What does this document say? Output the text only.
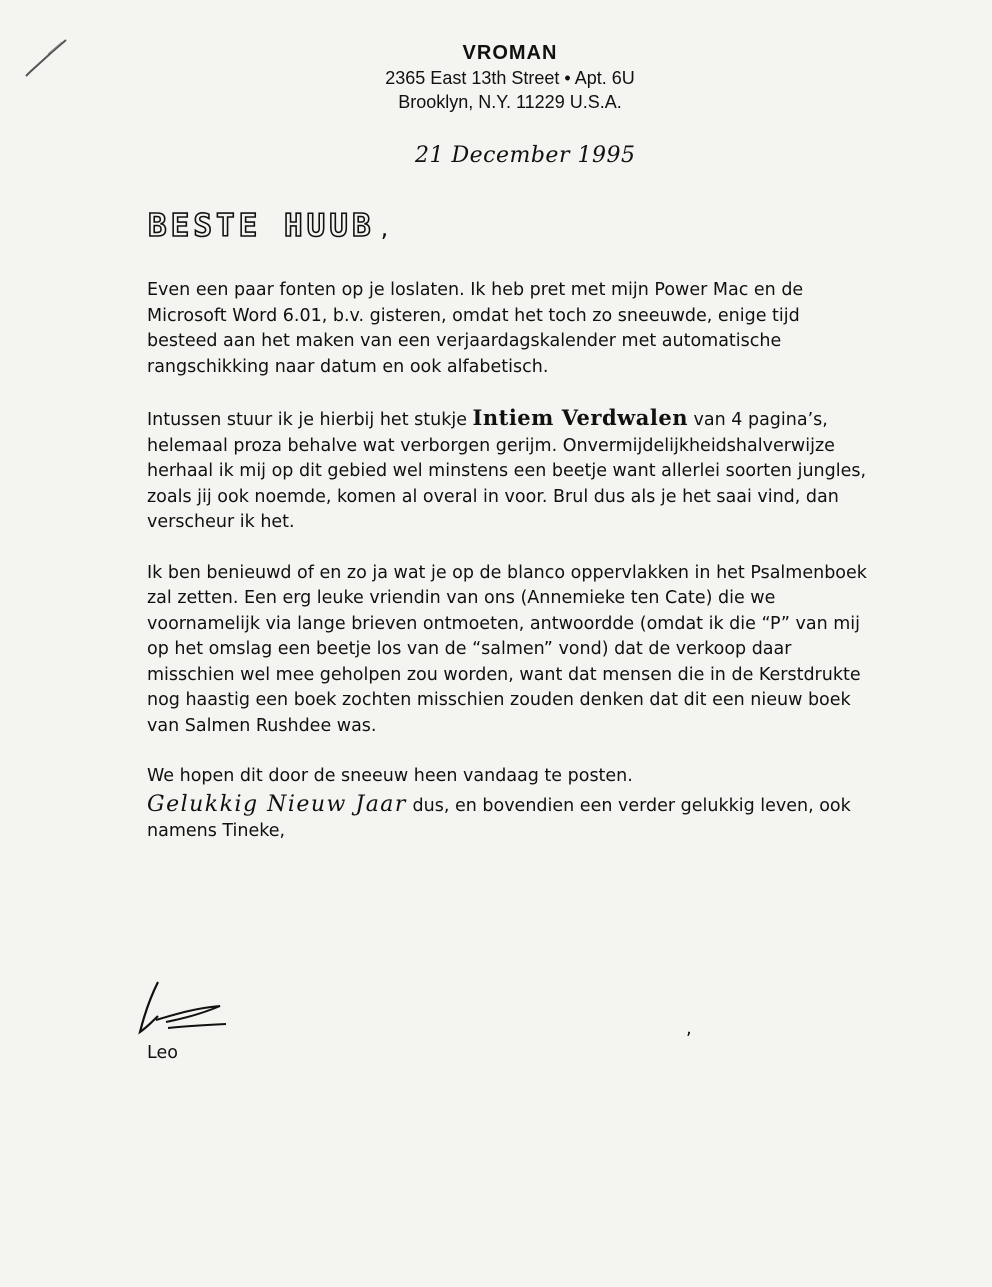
VROMAN
2365 East 13th Street • Apt. 6U
Brooklyn, N.Y. 11229 U.S.A.
21 December 1995
BESTE HUUB ,

Even een paar fonten op je loslaten. Ik heb pret met mijn Power Mac en de Microsoft Word 6.01, b.v. gisteren, omdat het toch zo sneeuwde, enige tijd besteed aan het maken van een verjaardagskalender met automatische rangschikking naar datum en ook alfabetisch.

Intussen stuur ik je hierbij het stukje Intiem Verdwalen van 4 pagina’s, helemaal proza behalve wat verborgen gerijm. Onvermijdelijkheidshalverwijze herhaal ik mij op dit gebied wel minstens een beetje want allerlei soorten jungles, zoals jij ook noemde, komen al overal in voor. Brul dus als je het saai vind, dan verscheur ik het.

Ik ben benieuwd of en zo ja wat je op de blanco oppervlakken in het Psalmenboek zal zetten. Een erg leuke vriendin van ons (Annemieke ten Cate) die we voornamelijk via lange brieven ontmoeten, antwoordde (omdat ik die “P” van mij op het omslag een beetje los van de “salmen” vond) dat de verkoop daar misschien wel mee geholpen zou worden, want dat mensen die in de Kerstdrukte nog haastig een boek zochten misschien zouden denken dat dit een nieuw boek van Salmen Rushdee was.

We hopen dit door de sneeuw heen vandaag te posten.

Gelukkig Nieuw Jaar dus, en bovendien een verder gelukkig leven, ook namens Tineke,

Leo
,
